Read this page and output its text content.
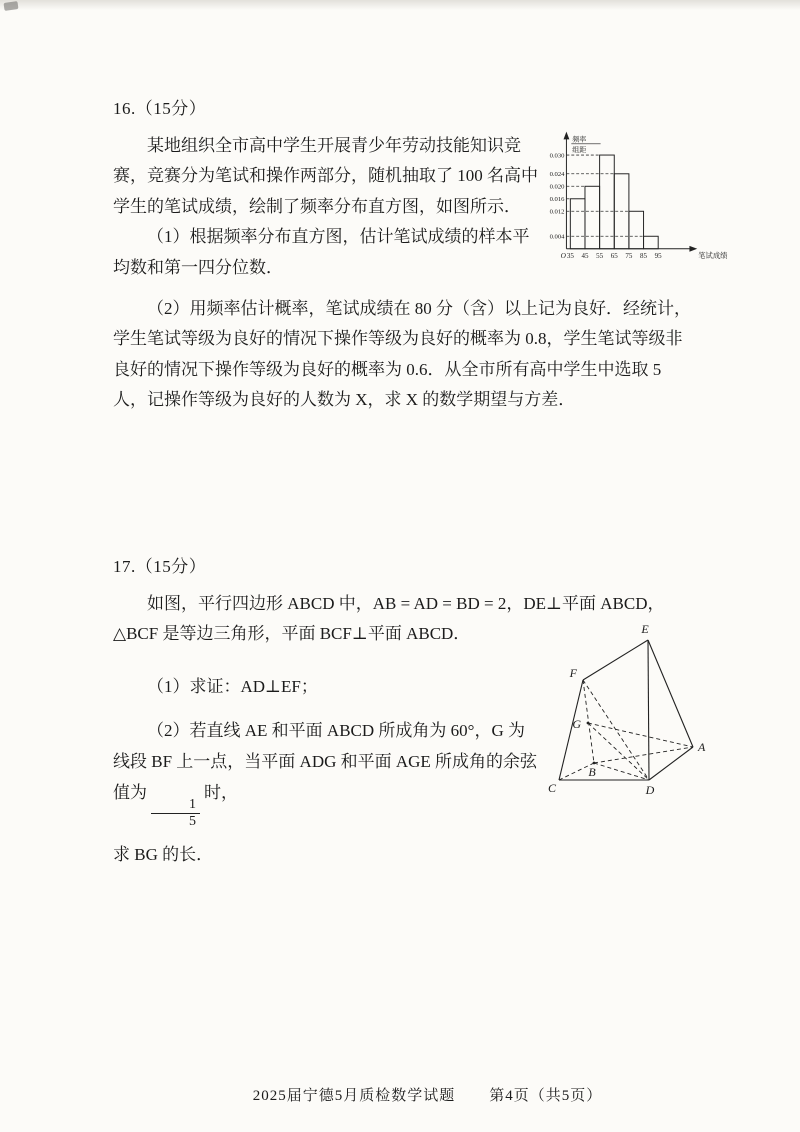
16.（15分）

某地组织全市高中学生开展青少年劳动技能知识竞赛，竞赛分为笔试和操作两部分，随机抽取了 100 名高中学生的笔试成绩，绘制了频率分布直方图，如图所示．

（1）根据频率分布直方图，估计笔试成绩的样本平均数和第一四分位数．

（2）用频率估计概率，笔试成绩在 80 分（含）以上记为良好．经统计，学生笔试等级为良好的情况下操作等级为良好的概率为 0.8，学生笔试等级非良好的情况下操作等级为良好的概率为 0.6．从全市所有高中学生中选取 5 人，记操作等级为良好的人数为 X，求 X 的数学期望与方差．

0.004
0.012
0.016
0.020
0.024
0.030
35 45 55 65 75 85 95
O	笔试成绩
频率
组距
17.（15分）

如图，平行四边形 ABCD 中，AB = AD = BD = 2，DE⊥平面 ABCD，△BCF 是等边三角形，平面 BCF⊥平面 ABCD．

（1）求证：AD⊥EF；

（2）若直线 AE 和平面 ABCD 所成角为 60°，G 为线段 BF 上一点，当平面 ADG 和平面 AGE 所成角的余弦值为
$\frac{1}{5}$
时，

求 BG 的长．

E
F
G
A
B
C	D
2025届宁德5月质检数学试题 第4页（共5页）
